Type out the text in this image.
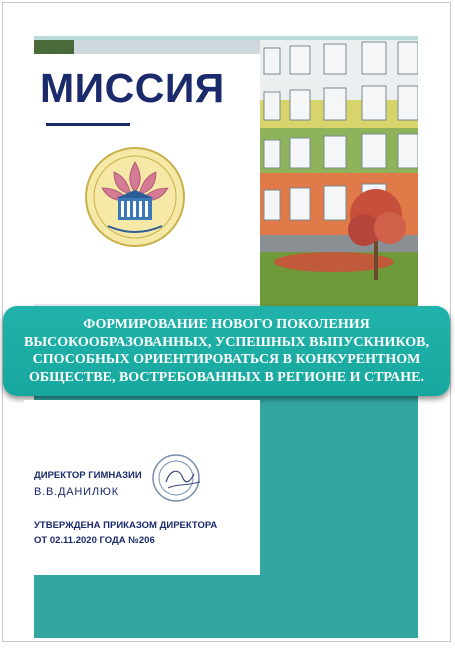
МИССИЯ
ФОРМИРОВАНИЕ НОВОГО ПОКОЛЕНИЯ ВЫСОКООБРАЗОВАННЫХ, УСПЕШНЫХ ВЫПУСКНИКОВ, СПОСОБНЫХ ОРИЕНТИРОВАТЬСЯ В КОНКУРЕНТНОМ ОБЩЕСТВЕ, ВОСТРЕБОВАННЫХ В РЕГИОНЕ И СТРАНЕ.
ДИРЕКТОР ГИМНАЗИИ
В.В.ДАНИЛЮК
УТВЕРЖДЕНА ПРИКАЗОМ ДИРЕКТОРА
ОТ 02.11.2020 ГОДА №206
